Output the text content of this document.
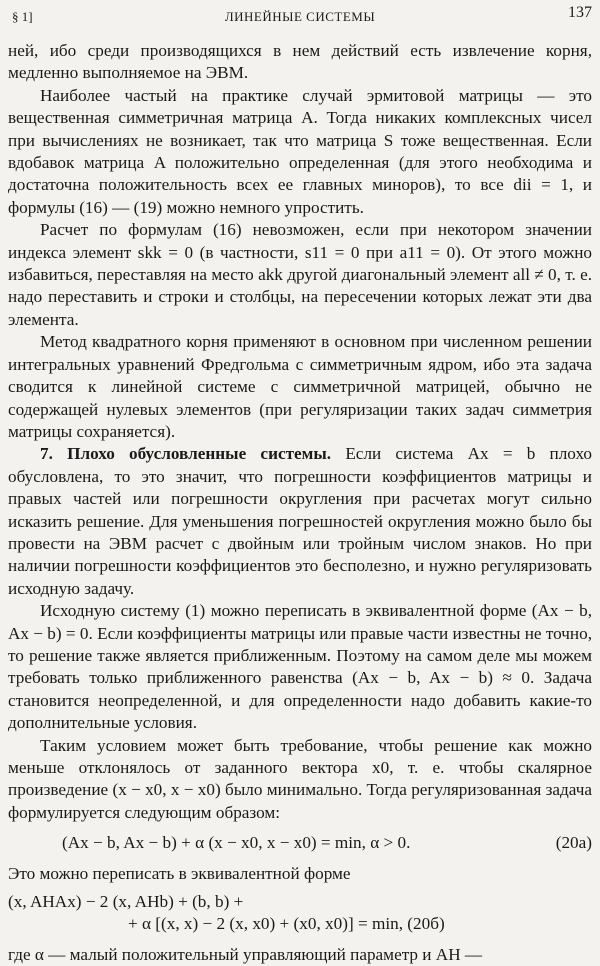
§ 1]	ЛИНЕЙНЫЕ СИСТЕМЫ	137

ней, ибо среди производящихся в нем действий есть извлечение корня, медленно выполняемое на ЭВМ.

Наиболее частый на практике случай эрмитовой матрицы — это вещественная симметричная матрица A. Тогда никаких комплексных чисел при вычислениях не возникает, так что матрица S тоже вещественная. Если вдобавок матрица A положительно определенная (для этого необходима и достаточна положительность всех ее главных миноров), то все dii = 1, и формулы (16) — (19) можно немного упростить.

Расчет по формулам (16) невозможен, если при некотором значении индекса элемент skk = 0 (в частности, s11 = 0 при a11 = 0). От этого можно избавиться, переставляя на место akk другой диагональный элемент all ≠ 0, т. е. надо переставить и строки и столбцы, на пересечении которых лежат эти два элемента.

Метод квадратного корня применяют в основном при численном решении интегральных уравнений Фредгольма с симметричным ядром, ибо эта задача сводится к линейной системе с симметричной матрицей, обычно не содержащей нулевых элементов (при регуляризации таких задач симметрия матрицы сохраняется).

7. Плохо обусловленные системы. Если система Ax = b плохо обусловлена, то это значит, что погрешности коэффициентов матрицы и правых частей или погрешности округления при расчетах могут сильно исказить решение. Для уменьшения погрешностей округления можно было бы провести на ЭВМ расчет с двойным или тройным числом знаков. Но при наличии погрешности коэффициентов это бесполезно, и нужно регуляризовать исходную задачу.

Исходную систему (1) можно переписать в эквивалентной форме (Ax − b, Ax − b) = 0. Если коэффициенты матрицы или правые части известны не точно, то решение также является приближенным. Поэтому на самом деле мы можем требовать только приближенного равенства (Ax − b, Ax − b) ≈ 0. Задача становится неопределенной, и для определенности надо добавить какие-то дополнительные условия.

Таким условием может быть требование, чтобы решение как можно меньше отклонялось от заданного вектора x0, т. е. чтобы скалярное произведение (x − x0, x − x0) было минимально. Тогда регуляризованная задача формулируется следующим образом:

(Ax − b, Ax − b) + α (x − x0, x − x0) = min, α > 0.	(20а)

Это можно переписать в эквивалентной форме

(x, AHAx) − 2 (x, AHb) + (b, b) +
+ α [(x, x) − 2 (x, x0) + (x0, x0)] = min, (20б)

где α — малый положительный управляющий параметр и AH —
